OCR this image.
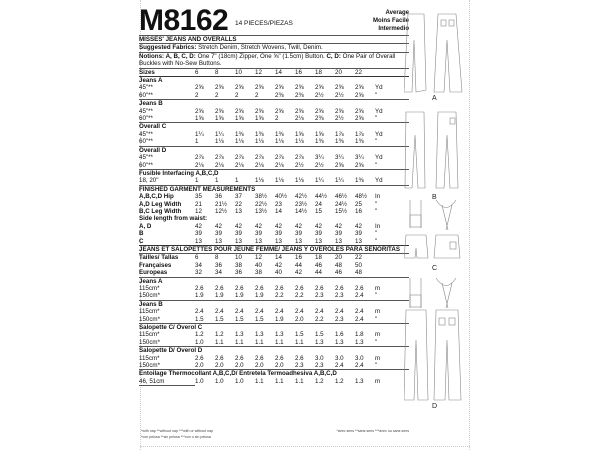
M8162 14 PIECES/PIEZAS
Average
Moins Facile
Intermedio
MISSES' JEANS AND OVERALLS										
Suggested Fabrics: Stretch Denim, Stretch Wovens, Twill, Denim.										
Notions: A, B, C, D: One 7" (18cm) Zipper, One ⅝" (1.5cm) Button. C, D: One Pair of Overall Buckles with No-Sew Buttons.										
Sizes	6	8	10	12	14	16	18	20	22	
Jeans A										
45"**	2⅝	2⅝	2⅝	2⅝	2⅝	2⅝	2⅝	2⅝	2⅝	Yd
60"**	2	2	2	2	2⅜	2⅜	2½	2½	2⅝	"
Jeans B										
45"**	2⅝	2⅝	2⅝	2⅝	2⅝	2⅝	2⅝	2⅝	2⅝	Yd
60"**	1⅝	1⅝	1⅝	1⅝	2	2⅛	2⅜	2½	2⅝	"
Overall C										
45"**	1¼	1¼	1⅜	1⅜	1⅜	1⅝	1⅝	1⅞	1⅞	Yd
60"**	1	1⅛	1⅛	1⅛	1⅛	1⅛	1⅜	1⅜	1⅜	"
Overall D										
45"**	2⅞	2⅞	2⅞	2⅞	2⅞	2⅞	3¼	3¼	3¼	Yd
60"**	2⅛	2⅛	2⅛	2⅛	2⅛	2½	2½	2⅝	2⅝	"
Fusible Interfacing A,B,C,D										
18, 20"	1	1	1	1⅛	1⅛	1⅛	1¼	1¼	1⅜	Yd
FINISHED GARMENT MEASUREMENTS										
A,B,C,D Hip	35	36	37	38½	40½	42½	44½	46½	48½	In
A,D Leg Width	21	21½	22	22½	23	23½	24	24½	25	"
B,C Leg Width	12	12½	13	13½	14	14½	15	15½	16	"
Side length from waist:										
A, D	42	42	42	42	42	42	42	42	42	In
B	39	39	39	39	39	39	39	39	39	"
C	13	13	13	13	13	13	13	13	13	"
JEANS ET SALOPETTES POUR JEUNE FEMME/ JEANS Y OVEROLES PARA SEÑORITAS										
Tailles/ Tallas	6	8	10	12	14	16	18	20	22	
Françaises	34	36	38	40	42	44	46	48	50	
Europeas	32	34	36	38	40	42	44	46	48	
Jeans A										
115cm*	2.6	2.6	2.6	2.6	2.6	2.6	2.6	2.6	2.6	m
150cm*	1.9	1.9	1.9	1.9	2.2	2.2	2.3	2.3	2.4	"
Jeans B										
115cm*	2.4	2.4	2.4	2.4	2.4	2.4	2.4	2.4	2.4	m
150cm*	1.5	1.5	1.5	1.5	1.9	2.0	2.2	2.3	2.4	"
Salopette C/ Overol C										
115cm*	1.2	1.2	1.3	1.3	1.3	1.5	1.5	1.6	1.8	m
150cm*	1.0	1.1	1.1	1.1	1.1	1.1	1.3	1.3	1.3	"
Salopette D/ Overol D										
115cm*	2.6	2.6	2.6	2.6	2.6	2.6	3.0	3.0	3.0	m
150cm*	2.0	2.0	2.0	2.0	2.0	2.3	2.3	2.4	2.4	"
Entoilage Thermocollant A,B,C,D/ Entretela Termoadhesiva A,B,C,D										
46, 51cm	1.0	1.0	1.0	1.1	1.1	1.1	1.2	1.2	1.3	m

*with nap **without nap ***with or without nap
*con pelusa **sin pelusa ***con o sin pelusa
*avec sens **sans sens ***avec ou sans sens
A
B
C
D
